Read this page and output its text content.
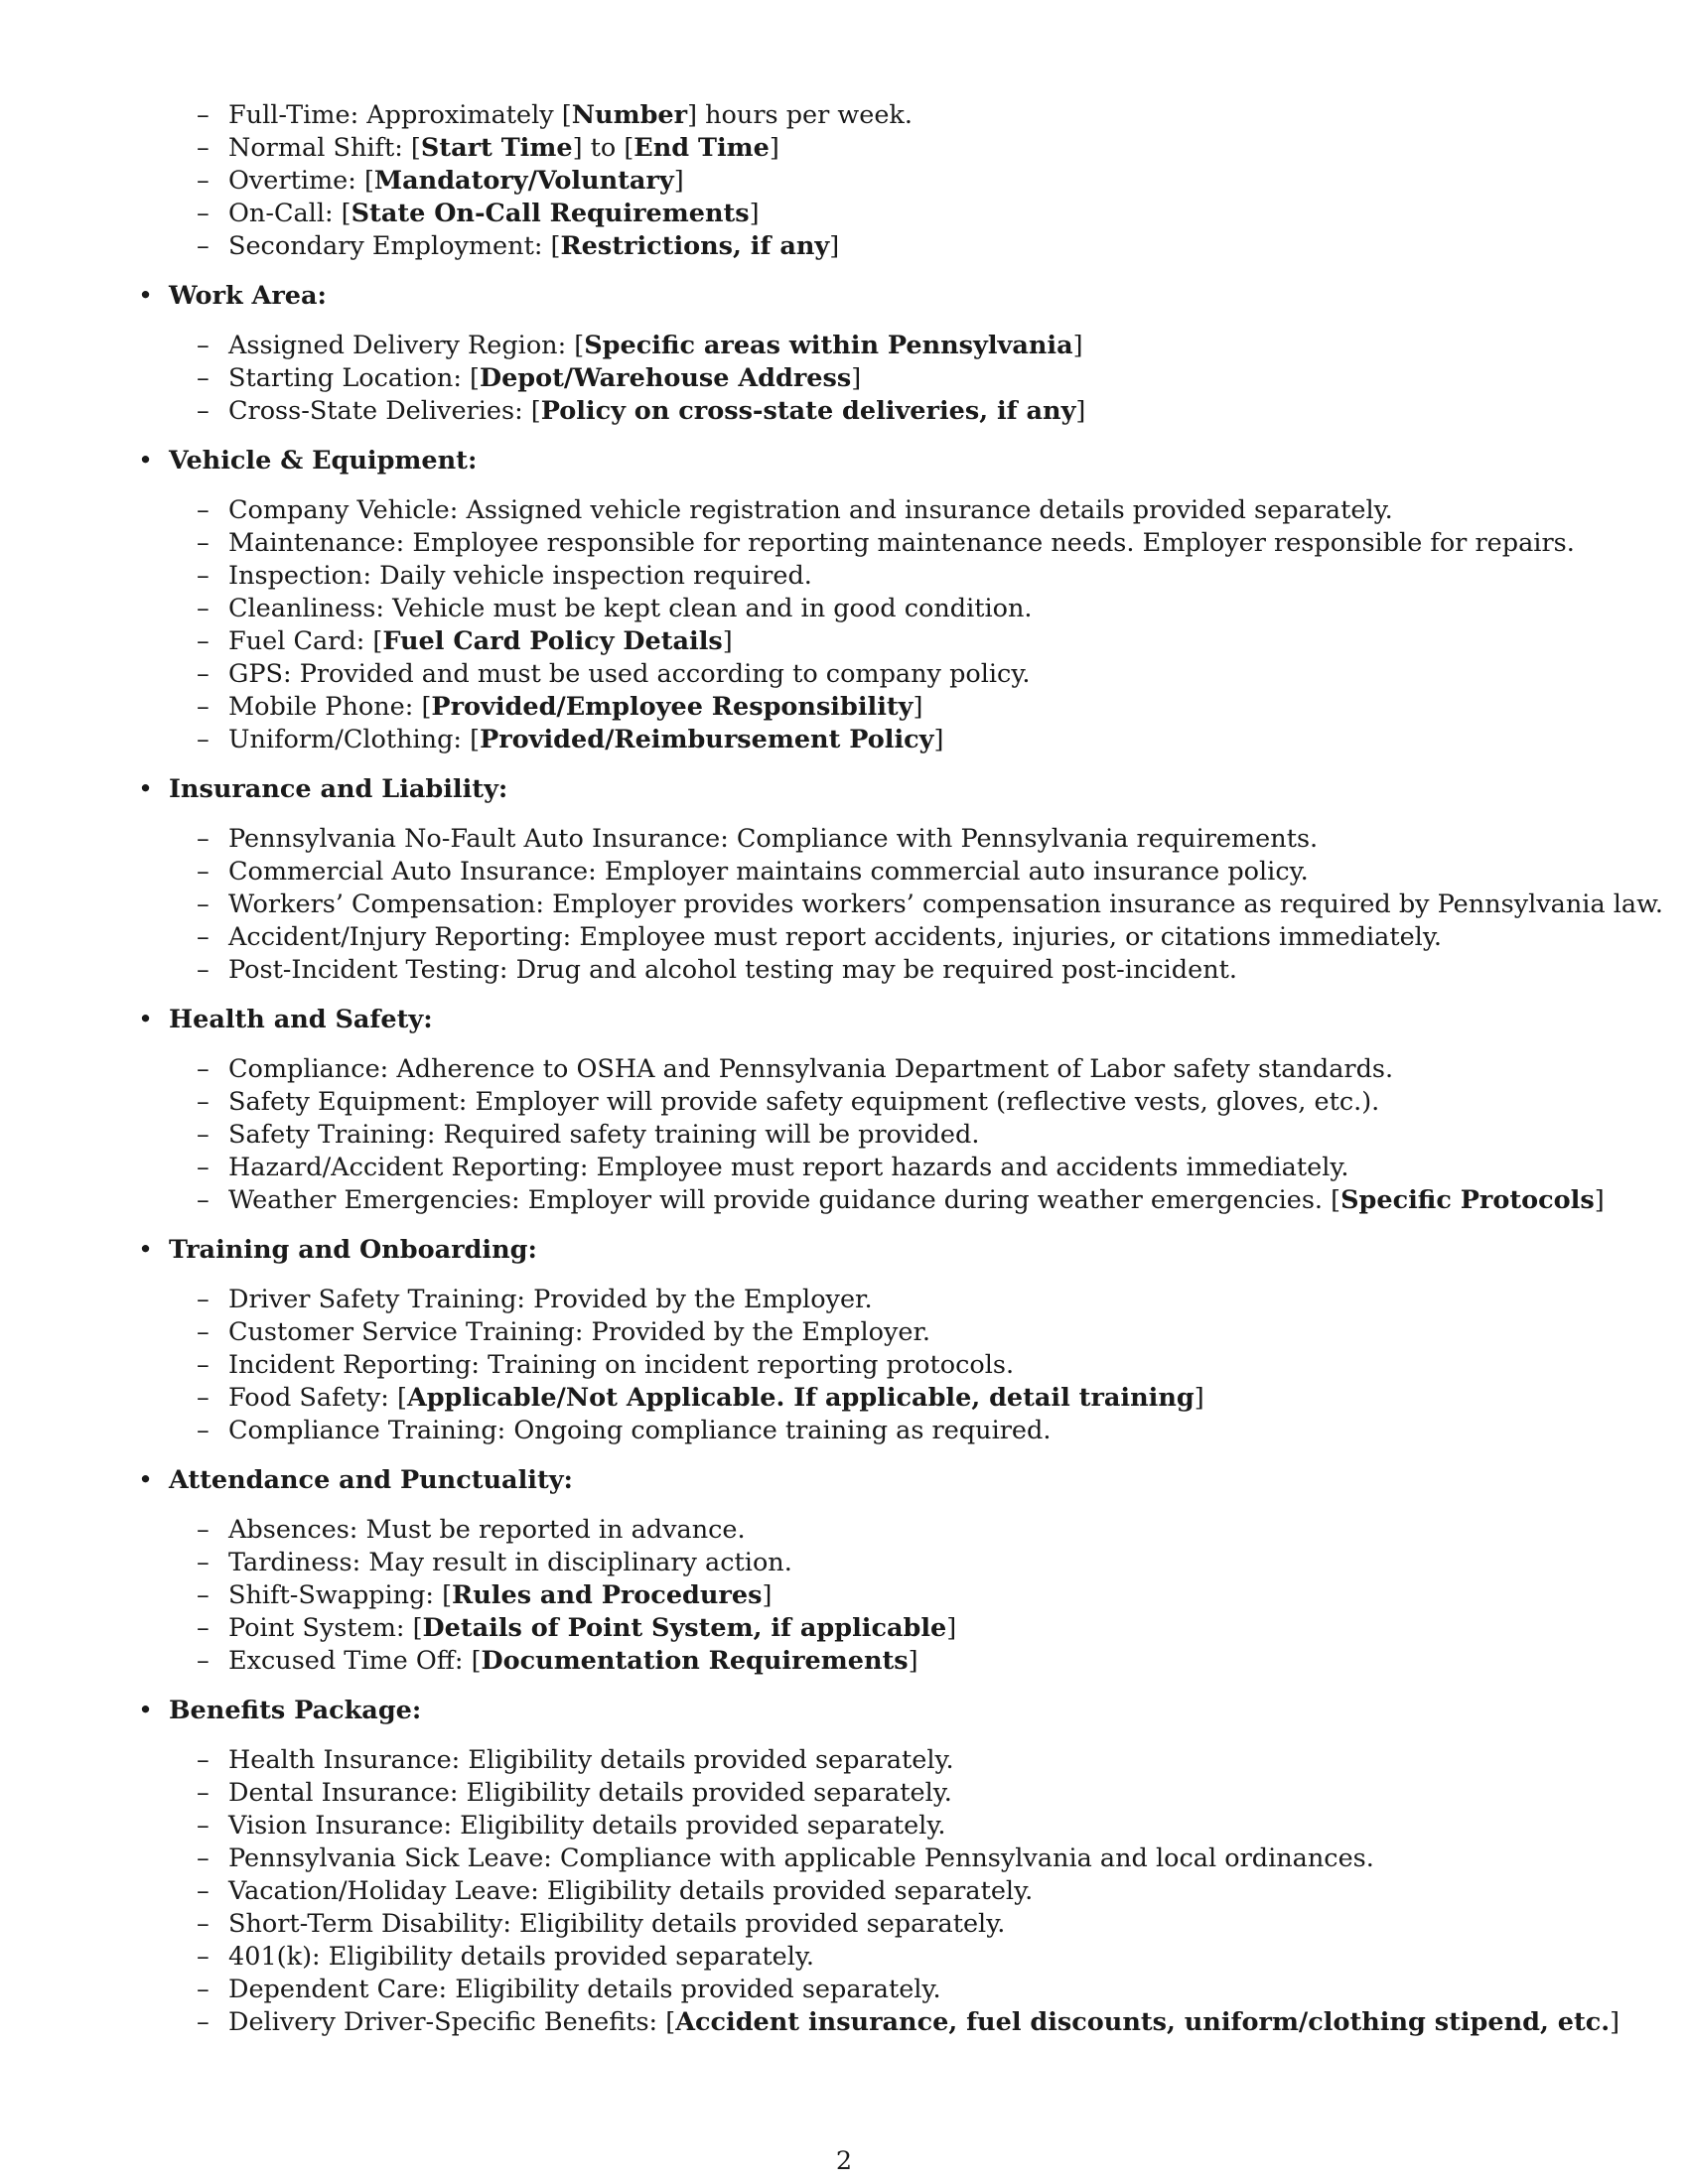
– Full-Time: Approximately [Number] hours per week.
– Normal Shift: [Start Time] to [End Time]
– Overtime: [Mandatory/Voluntary]
– On-Call: [State On-Call Requirements]
– Secondary Employment: [Restrictions, if any]
• Work Area:
– Assigned Delivery Region: [Specific areas within Pennsylvania]
– Starting Location: [Depot/Warehouse Address]
– Cross-State Deliveries: [Policy on cross-state deliveries, if any]
• Vehicle & Equipment:
– Company Vehicle: Assigned vehicle registration and insurance details provided separately.
– Maintenance: Employee responsible for reporting maintenance needs. Employer responsible for repairs.
– Inspection: Daily vehicle inspection required.
– Cleanliness: Vehicle must be kept clean and in good condition.
– Fuel Card: [Fuel Card Policy Details]
– GPS: Provided and must be used according to company policy.
– Mobile Phone: [Provided/Employee Responsibility]
– Uniform/Clothing: [Provided/Reimbursement Policy]
• Insurance and Liability:
– Pennsylvania No-Fault Auto Insurance: Compliance with Pennsylvania requirements.
– Commercial Auto Insurance: Employer maintains commercial auto insurance policy.
– Workers’ Compensation: Employer provides workers’ compensation insurance as required by Pennsylvania law.
– Accident/Injury Reporting: Employee must report accidents, injuries, or citations immediately.
– Post-Incident Testing: Drug and alcohol testing may be required post-incident.
• Health and Safety:
– Compliance: Adherence to OSHA and Pennsylvania Department of Labor safety standards.
– Safety Equipment: Employer will provide safety equipment (reflective vests, gloves, etc.).
– Safety Training: Required safety training will be provided.
– Hazard/Accident Reporting: Employee must report hazards and accidents immediately.
– Weather Emergencies: Employer will provide guidance during weather emergencies. [Specific Protocols]
• Training and Onboarding:
– Driver Safety Training: Provided by the Employer.
– Customer Service Training: Provided by the Employer.
– Incident Reporting: Training on incident reporting protocols.
– Food Safety: [Applicable/Not Applicable. If applicable, detail training]
– Compliance Training: Ongoing compliance training as required.
• Attendance and Punctuality:
– Absences: Must be reported in advance.
– Tardiness: May result in disciplinary action.
– Shift-Swapping: [Rules and Procedures]
– Point System: [Details of Point System, if applicable]
– Excused Time Off: [Documentation Requirements]
• Benefits Package:
– Health Insurance: Eligibility details provided separately.
– Dental Insurance: Eligibility details provided separately.
– Vision Insurance: Eligibility details provided separately.
– Pennsylvania Sick Leave: Compliance with applicable Pennsylvania and local ordinances.
– Vacation/Holiday Leave: Eligibility details provided separately.
– Short-Term Disability: Eligibility details provided separately.
– 401(k): Eligibility details provided separately.
– Dependent Care: Eligibility details provided separately.
– Delivery Driver-Specific Benefits: [Accident insurance, fuel discounts, uniform/clothing stipend, etc.]
2
